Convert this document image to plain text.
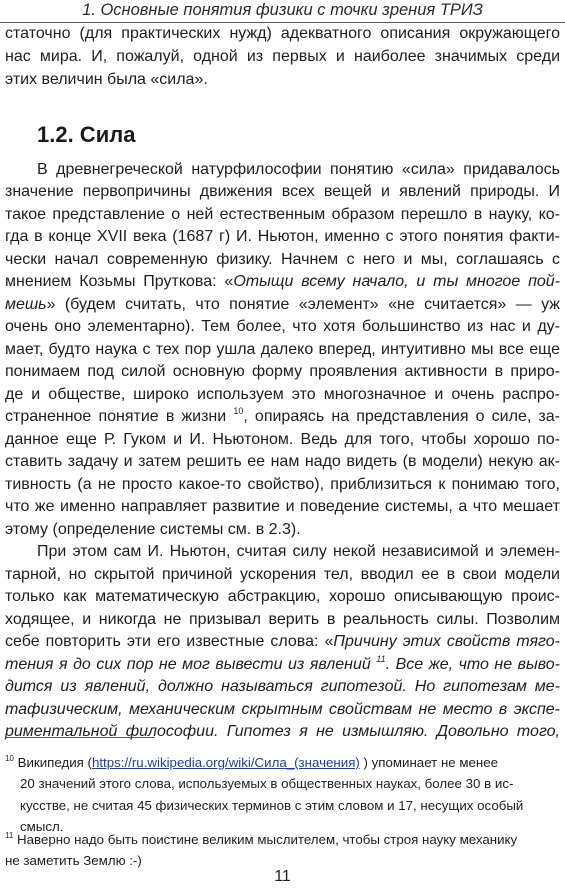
1. Основные понятия физики с точки зрения ТРИЗ
статочно (для практических нужд) адекватного описания окружающего
нас мира. И, пожалуй, одной из первых и наиболее значимых среди
этих величин была «сила».
1.2. Сила
В древнегреческой натурфилософии понятию «сила» придавалось
значение первопричины движения всех вещей и явлений природы. И
такое представление о ней естественным образом перешло в науку, ко-
гда в конце XVII века (1687 г) И. Ньютон, именно с этого понятия факти-
чески начал современную физику. Начнем с него и мы, соглашаясь с
мнением Козьмы Пруткова: «Отыщи всему начало, и ты многое пой-
мешь» (будем считать, что понятие «элемент» «не считается» — уж
очень оно элементарно). Тем более, что хотя большинство из нас и ду-
мает, будто наука с тех пор ушла далеко вперед, интуитивно мы все еще
понимаем под силой основную форму проявления активности в приро-
де и обществе, широко используем это многозначное и очень распро-
страненное понятие в жизни $^{10}$, опираясь на представления о силе, за-
данное еще Р. Гуком и И. Ньютоном. Ведь для того, чтобы хорошо по-
ставить задачу и затем решить ее нам надо видеть (в модели) некую ак-
тивность (а не просто какое-то свойство), приблизиться к понимаю того,
что же именно направляет развитие и поведение системы, а что мешает
этому (определение системы см. в 2.3).
При этом сам И. Ньютон, считая силу некой независимой и элемен-
тарной, но скрытой причиной ускорения тел, вводил ее в свои модели
только как математическую абстракцию, хорошо описывающую проис-
ходящее, и никогда не призывал верить в реальность силы. Позволим
себе повторить эти его известные слова: «Причину этих свойств тяго-
тения я до сих пор не мог вывести из явлений $^{11}$. Все же, что не выво-
дится из явлений, должно называться гипотезой. Но гипотезам ме-
тафизическим, механическим скрытным свойствам не место в экспе-
риментальной философии. Гипотез я не измышляю. Довольно того,
$^{10}$ Википедия (https://ru.wikipedia.org/wiki/Сила_(значения) ) упоминает не менее
20 значений этого слова, используемых в общественных науках, более 30 в ис-
кусстве, не считая 45 физических терминов с этим словом и 17, несущих особый
смысл.
$^{11}$ Наверно надо быть поистине великим мыслителем, чтобы строя науку механику
не заметить Землю :-)
11
